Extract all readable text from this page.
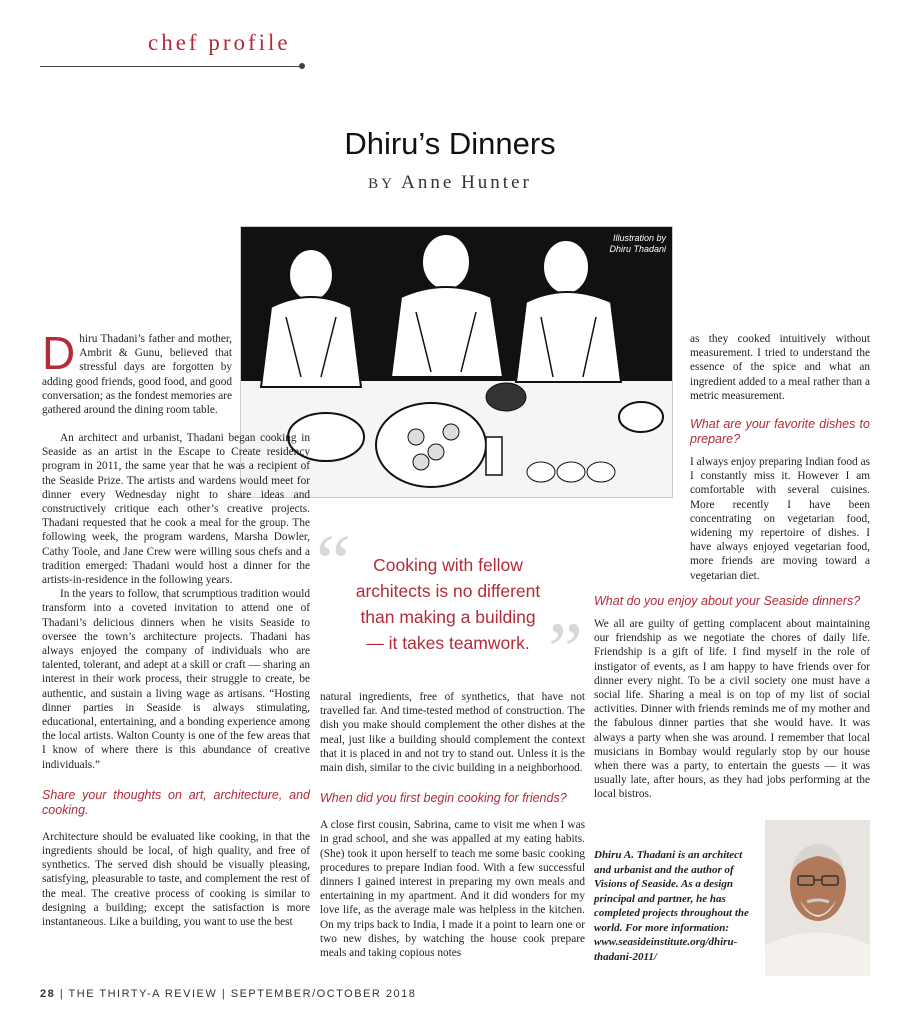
chef profile
Dhiru’s Dinners
BY Anne Hunter
Illustration by
Dhiru Thadani

Dhiru Thadani’s father and mother, Ambrit & Gunu, believed that stressful days are forgotten by adding good friends, good food, and good conversation; as the fondest memories are gathered around the dining room table.

An architect and urbanist, Thadani began cooking in Seaside as an artist in the Escape to Create residency program in 2011, the same year that he was a recipient of the Seaside Prize. The artists and wardens would meet for dinner every Wednesday night to share ideas and constructively critique each other’s creative projects. Thadani requested that he cook a meal for the group. The following week, the program wardens, Marsha Dowler, Cathy Toole, and Jane Crew were willing sous chefs and a tradition emerged: Thadani would host a dinner for the artists-in-residence in the following years.

In the years to follow, that scrumptious tradition would transform into a coveted invitation to attend one of Thadani’s delicious dinners when he visits Seaside to oversee the town’s architecture projects. Thadani has always enjoyed the company of individuals who are talented, tolerant, and adept at a skill or craft — sharing an interest in their work process, their struggle to create, be authentic, and sustain a living wage as artisans. “Hosting dinner parties in Seaside is always stimulating, educational, entertaining, and a bonding experience among the local artists. Walton County is one of the few areas that I know of where there is this abundance of creative individuals.”

Share your thoughts on art, architecture, and cooking.

Architecture should be evaluated like cooking, in that the ingredients should be local, of high quality, and free of synthetics. The served dish should be visually pleasing, satisfying, pleasurable to taste, and complement the rest of the meal. The creative process of cooking is similar to designing a building; except the satisfaction is more instantaneous. Like a building, you want to use the best

“	Cooking with fellow
architects is no different
than making a building
— it takes teamwork. ”

natural ingredients, free of synthetics, that have not travelled far. And time-tested method of construction. The dish you make should complement the other dishes at the meal, just like a building should complement the context that it is placed in and not try to stand out. Unless it is the main dish, similar to the civic building in a neighborhood.

When did you first begin cooking for friends?

A close first cousin, Sabrina, came to visit me when I was in grad school, and she was appalled at my eating habits. (She) took it upon herself to teach me some basic cooking procedures to prepare Indian food. With a few successful dinners I gained interest in preparing my own meals and entertaining in my apartment. And it did wonders for my love life, as the average male was helpless in the kitchen. On my trips back to India, I made it a point to learn one or two new dishes, by watching the house cook prepare meals and taking copious notes

as they cooked intuitively without measurement. I tried to understand the essence of the spice and what an ingredient added to a meal rather than a metric measurement.

What are your favorite dishes to prepare?

I always enjoy preparing Indian food as I constantly miss it. However I am comfortable with several cuisines. More recently I have been concentrating on vegetarian food, widening my repertoire of dishes. I have always enjoyed vegetarian food, more friends are moving toward a vegetarian diet.

What do you enjoy about your Seaside dinners?

We all are guilty of getting complacent about maintaining our friendship as we negotiate the chores of daily life. Friendship is a gift of life. I find myself in the role of instigator of events, as I am happy to have friends over for dinner every night. To be a civil society one must have a social life. Sharing a meal is on top of my list of social activities. Dinner with friends reminds me of my mother and the fabulous dinner parties that she would have. It was always a party when she was around. I remember that local musicians in Bombay would regularly stop by our house when there was a party, to entertain the guests — it was usually late, after hours, as they had jobs performing at the local bistros.

Dhiru A. Thadani is an architect and urbanist and the author of Visions of Seaside. As a design principal and partner, he has completed projects throughout the world. For more information: www.seasideinstitute.org/dhiru-thadani-2011/
28 | THE THIRTY-A REVIEW | SEPTEMBER/OCTOBER 2018
